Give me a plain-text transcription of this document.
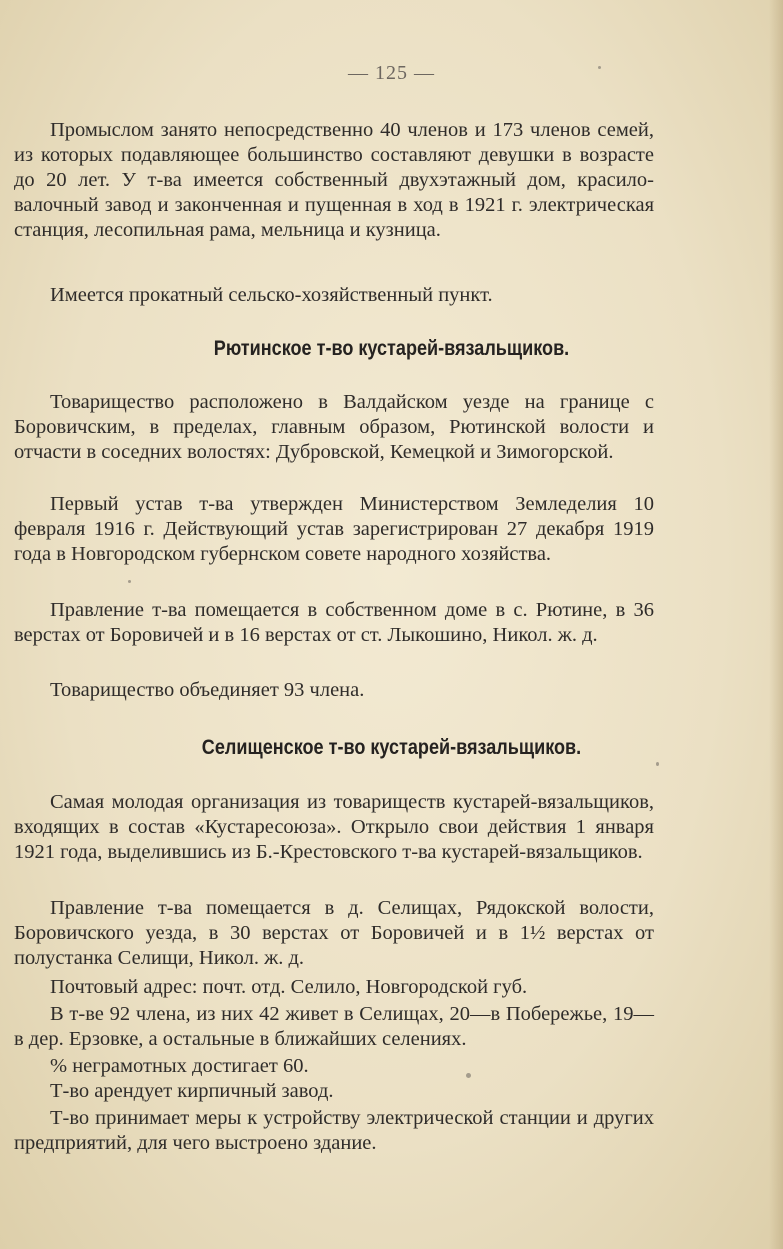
— 125 —

Промыслом занято непосредственно 40 членов и 173 членов семей, из которых подавляющее большинство составляют девушки в возрасте до 20 лет. У т-ва имеется собственный двухэтажный дом, красило-валочный завод и законченная и пущенная в ход в 1921 г. электрическая станция, лесопильная рама, мельница и кузница.

Имеется прокатный сельско-хозяйственный пункт.

Рютинское т-во кустарей-вязальщиков.

Товарищество расположено в Валдайском уезде на границе с Боровичским, в пределах, главным образом, Рютинской волости и отчасти в соседних волостях: Дубровской, Кемецкой и Зимогорской.

Первый устав т-ва утвержден Министерством Земледелия 10 февраля 1916 г. Действующий устав зарегистрирован 27 декабря 1919 года в Новгородском губернском совете народного хозяйства.

Правление т-ва помещается в собственном доме в с. Рютине, в 36 верстах от Боровичей и в 16 верстах от ст. Лыкошино, Никол. ж. д.

Товарищество объединяет 93 члена.

Селищенское т-во кустарей-вязальщиков.

Самая молодая организация из товариществ кустарей-вязальщиков, входящих в состав «Кустаресоюза». Открыло свои действия 1 января 1921 года, выделившись из Б.-Крестовского т-ва кустарей-вязальщиков.

Правление т-ва помещается в д. Селищах, Рядокской волости, Боровичского уезда, в 30 верстах от Боровичей и в 1½ верстах от полустанка Селищи, Никол. ж. д.

Почтовый адрес: почт. отд. Селило, Новгородской губ.

В т-ве 92 члена, из них 42 живет в Селищах, 20—в Побережье, 19—в дер. Ерзовке, а остальные в ближайших селениях.

% неграмотных достигает 60.

Т-во арендует кирпичный завод.

Т-во принимает меры к устройству электрической станции и других предприятий, для чего выстроено здание.
